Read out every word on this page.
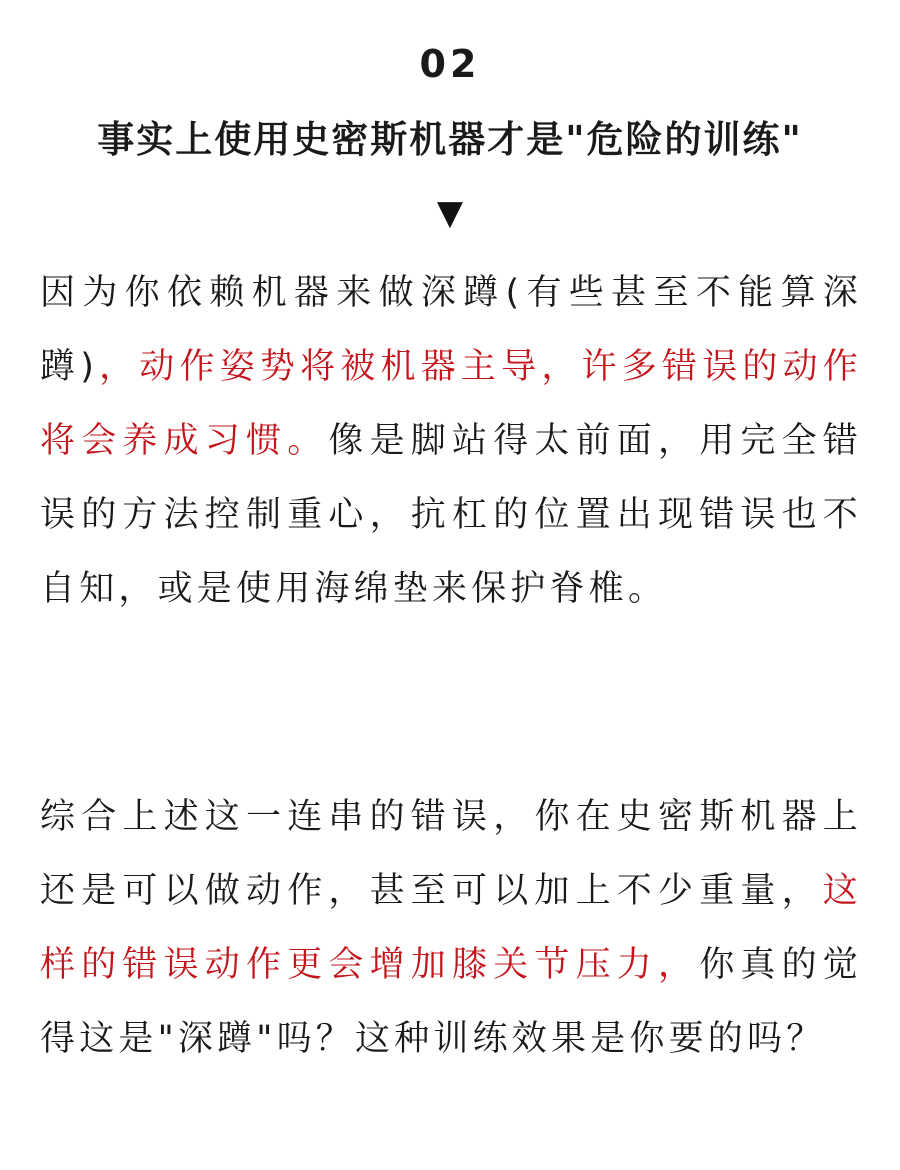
02
事实上使用史密斯机器才是"危险的训练"
▼

因为你依赖机器来做深蹲(有些甚至不能算深蹲)，动作姿势将被机器主导，许多错误的动作将会养成习惯。像是脚站得太前面，用完全错误的方法控制重心，抗杠的位置出现错误也不自知，或是使用海绵垫来保护脊椎。

综合上述这一连串的错误，你在史密斯机器上还是可以做动作，甚至可以加上不少重量，这样的错误动作更会增加膝关节压力，你真的觉得这是"深蹲"吗？这种训练效果是你要的吗？
